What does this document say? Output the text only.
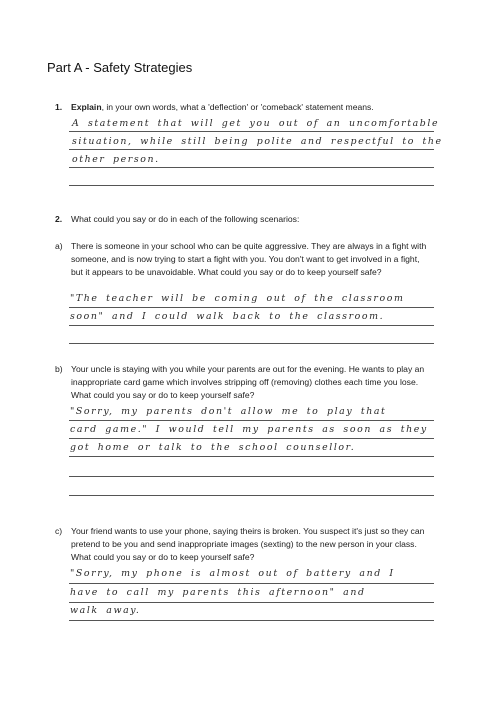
Part A - Safety Strategies
1. Explain, in your own words, what a 'deflection' or 'comeback' statement means.
A statement that will get you out of an uncomfortable
situation, while still being polite and respectful to the
other person.
2. What could you say or do in each of the following scenarios:
a) There is someone in your school who can be quite aggressive. They are always in a fight with
someone, and is now trying to start a fight with you. You don't want to get involved in a fight,
but it appears to be unavoidable. What could you say or do to keep yourself safe?
"The teacher will be coming out of the classroom
soon" and I could walk back to the classroom.
b) Your uncle is staying with you while your parents are out for the evening. He wants to play an
inappropriate card game which involves stripping off (removing) clothes each time you lose.
What could you say or do to keep yourself safe?
"Sorry, my parents don't allow me to play that
card game." I would tell my parents as soon as they
got home or talk to the school counsellor.
c) Your friend wants to use your phone, saying theirs is broken. You suspect it's just so they can
pretend to be you and send inappropriate images (sexting) to the new person in your class.
What could you say or do to keep yourself safe?
"Sorry, my phone is almost out of battery and I
have to call my parents this afternoon" and
walk away.
